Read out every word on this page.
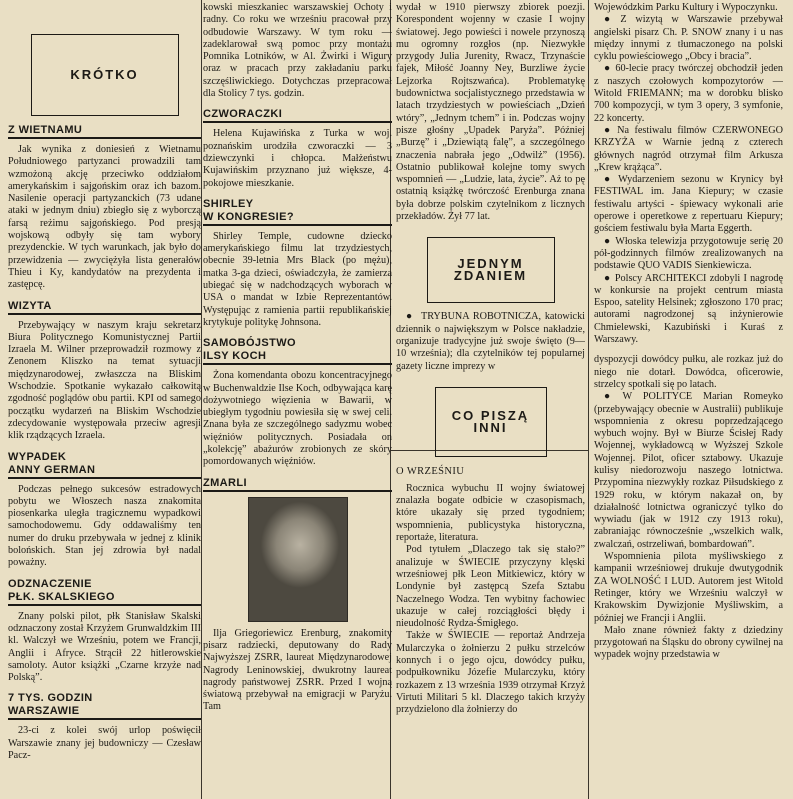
KRÓTKO
Z WIETNAMU

Jak wynika z doniesień z Wietnamu Południowego partyzanci prowadzili tam wzmożoną akcję przeciwko oddziałom amerykańskim i sajgońskim oraz ich bazom. Nasilenie operacji partyzanckich (73 udane ataki w jednym dniu) zbiegło się z wyborczą farsą reżimu sajgońskiego. Pod presją wojskową odbyły się tam wybory prezydenckie. W tych warunkach, jak było do przewidzenia — zwyciężyła lista generałów Thieu i Ky, kandydatów na prezydenta i zastępcę.

WIZYTA

Przebywający w naszym kraju sekretarz Biura Politycznego Komunistycznej Partii Izraela M. Wilner przeprowadził rozmowy z Zenonem Kliszko na temat sytuacji międzynarodowej, zwłaszcza na Bliskim Wschodzie. Spotkanie wykazało całkowitą zgodność poglądów obu partii. KPI od samego początku wydarzeń na Bliskim Wschodzie zdecydowanie występowała przeciw agresji klik rządzących Izraela.

WYPADEK
ANNY GERMAN

Podczas pełnego sukcesów estradowych pobytu we Włoszech nasza znakomita piosenkarka uległa tragicznemu wypadkowi samochodowemu. Gdy oddawaliśmy ten numer do druku przebywała w jednej z klinik bolońskich. Stan jej zdrowia był nadal poważny.

ODZNACZENIE
PŁK. SKALSKIEGO

Znany polski pilot, płk Stanisław Skalski odznaczony został Krzyżem Grunwaldzkim III kl. Walczył we Wrześniu, potem we Francji, Anglii i Afryce. Strącił 22 hitlerowskie samoloty. Autor książki „Czarne krzyże nad Polską”.

7 TYS. GODZIN
WARSZAWIE

23-ci z kolei swój urlop poświęcił Warszawie znany jej budowniczy — Czesław Pacz-

kowski mieszkaniec warszawskiej Ochoty i radny. Co roku we wrześniu pracował przy odbudowie Warszawy. W tym roku — zadeklarował swą pomoc przy montażu Pomnika Lotników, w Al. Żwirki i Wigury oraz w pracach przy zakładaniu parku szczęśliwickiego. Dotychczas przepracował dla Stolicy 7 tys. godzin.
CZWORACZKI

Helena Kujawińska z Turka w woj. poznańskim urodziła czworaczki — 3 dziewczynki i chłopca. Małżeństwu Kujawińskim przyznano już większe, 4-pokojowe mieszkanie.

SHIRLEY
W KONGRESIE?

Shirley Temple, cudowne dziecko amerykańskiego filmu lat trzydziestych, obecnie 39-letnia Mrs Black (po mężu), matka 3-ga dzieci, oświadczyła, że zamierza ubiegać się w nadchodzących wyborach w USA o mandat w Izbie Reprezentantów. Występując z ramienia partii republikańskiej krytykuje politykę Johnsona.

SAMOBÓJSTWO
ILSY KOCH

Żona komendanta obozu koncentracyjnego w Buchenwaldzie Ilse Koch, odbywająca karę dożywotniego więzienia w Bawarii, w ubiegłym tygodniu powiesiła się w swej celi. Znana była ze szczególnego sadyzmu wobec więźniów politycznych. Posiadała on „kolekcję” abażurów zrobionych ze skóry pomordowanych więźniów.

ZMARLI

Ilja Griegoriewicz Erenburg, znakomity pisarz radziecki, deputowany do Rady Najwyższej ZSRR, laureat Międzynarodowej Nagrody Leninowskiej, dwukrotny laureat nagrody państwowej ZSRR. Przed I wojną światową przebywał na emigracji w Paryżu. Tam

wydał w 1910 pierwszy zbiorek poezji. Korespondent wojenny w czasie I wojny światowej. Jego powieści i nowele przynoszą mu ogromny rozgłos (np. Niezwykłe przygody Julia Jurenity, Rwacz, Trzynaście fajek, Miłość Joanny Ney, Burzliwe życie Lejzorka Rojtszwańca). Problematykę budownictwa socjalistycznego przedstawia w latach trzydziestych w powieściach „Dzień wtóry”, „Jednym tchem” i in. Podczas wojny pisze głośny „Upadek Paryża”. Później „Burzę” i „Dziewiątą falę”, a szczególnego znaczenia nabrała jego „Odwilż” (1956). Ostatnio publikował kolejne tomy swych wspomnień — „Ludzie, lata, życie”. Aż to pę ostatnią książkę twórczość Erenburga znana była dobrze polskim czytelnikom z licznych przekładów. Żył 77 lat.
JEDNYM ZDANIEM
● TRYBUNA ROBOTNICZA, katowicki dziennik o największym w Polsce nakładzie, organizuje tradycyjne już swoje święto (9—10 września); dla czytelników tej popularnej gazety liczne imprezy w
CO PISZĄ INNI
O WRZEŚNIU

Rocznica wybuchu II wojny światowej znalazła bogate odbicie w czasopismach, które ukazały się przed tygodniem; wspomnienia, publicystyka historyczna, reportaże, literatura.

Pod tytułem „Dlaczego tak się stało?” analizuje w ŚWIECIE przyczyny klęski wrześniowej płk Leon Mitkiewicz, który w Londynie był zastępcą Szefa Sztabu Naczelnego Wodza. Ten wybitny fachowiec ukazuje w całej rozciągłości błędy i nieudolność Rydza-Śmigłego.

Także w ŚWIECIE — reportaż Andrzeja Mularczyka o żołnierzu 2 pułku strzelców konnych i o jego ojcu, dowódcy pułku, podpułkowniku Józefie Mularczyku, który rozkazem z 13 września 1939 otrzymał Krzyż Virtuti Militari 5 kl. Dlaczego takich krzyży przydzielono dla żołnierzy do

Wojewódzkim Parku Kultury i Wypoczynku.
● Z wizytą w Warszawie przebywał angielski pisarz Ch. P. SNOW znany i u nas między innymi z tłumaczonego na polski cyklu powieściowego „Obcy i bracia”.
● 60-lecie pracy twórczej obchodził jeden z naszych czołowych kompozytorów — Witold FRIEMANN; ma w dorobku blisko 700 kompozycji, w tym 3 opery, 3 symfonie, 22 koncerty.
● Na festiwalu filmów CZERWONEGO KRZYŻA w Warnie jedną z czterech głównych nagród otrzymał film Arkusza „Krew krążąca”.
● Wydarzeniem sezonu w Krynicy był FESTIWAL im. Jana Kiepury; w czasie festiwalu artyści - śpiewacy wykonali arie operowe i operetkowe z repertuaru Kiepury; gościem festiwalu była Marta Eggerth.
● Włoska telewizja przygotowuje serię 20 pół-godzinnych filmów zrealizowanych na podstawie QUO VADIS Sienkiewicza.
● Polscy ARCHITEKCI zdobyli I nagrodę w konkursie na projekt centrum miasta Espoo, satelity Helsinek; zgłoszono 170 prac; autorami nagrodzonej są inżynierowie Chmielewski, Kazubiński i Kuraś z Warszawy.
dyspozycji dowódcy pułku, ale rozkaz już do niego nie dotarł. Dowódca, oficerowie, strzelcy spotkali się po latach.
● W POLITYCE Marian Romeyko (przebywający obecnie w Australii) publikuje wspomnienia z okresu poprzedzającego wybuch wojny. Był w Biurze Ścisłej Rady Wojennej, wykładowcą w Wyższej Szkole Wojennej. Pilot, oficer sztabowy. Ukazuje kulisy niedorozwoju naszego lotnictwa. Przypomina niezwykły rozkaz Piłsudskiego z 1929 roku, w którym nakazał on, by działalność lotnictwa ograniczyć tylko do wywiadu (jak w 1912 czy 1913 roku), zabraniając równocześnie „wszelkich walk, zwalczań, ostrzeliwań, bombardowań”.

Wspomnienia pilota myśliwskiego z kampanii wrześniowej drukuje dwutygodnik ZA WOLNOŚĆ I LUD. Autorem jest Witold Retinger, który we Wrześniu walczył w Krakowskim Dywizjonie Myśliwskim, a później we Francji i Anglii.

Mało znane również fakty z dziedziny przygotowań na Śląsku do obrony cywilnej na wypadek wojny przedstawia w
